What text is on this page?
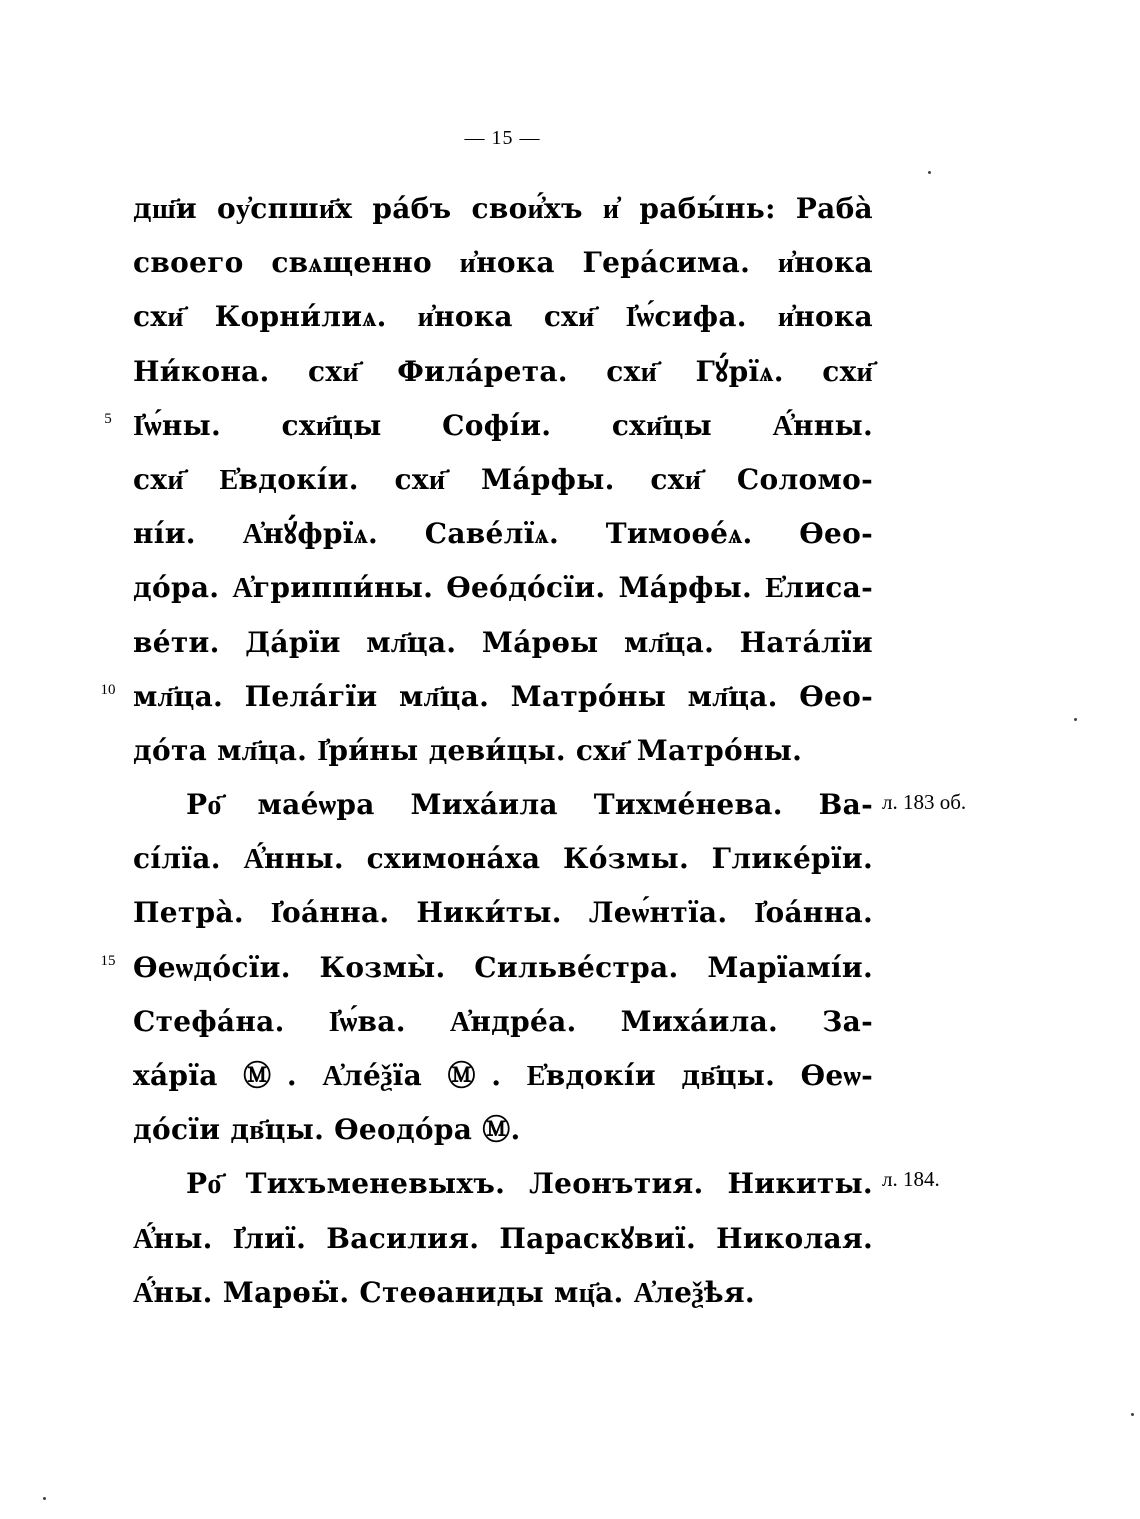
— 15 —
дш҃и оу҆спши҃х ра́бъ свои҆́хъ и҆ рабы́нь: Раба̀
своего свѧщенно и҆нока Гера́сима. и҆нока
схи҃ Корни́лиѧ. и҆нока схи҃ І҆ѡ́сифа. и҆нока
Ни́кона. схи҃ Фила́рета. схи҃ Гꙋ́рїѧ. схи҃
І҆ѡ́ны. схи҃цы Софі́и. схи҃цы А҆́нны.
схи҃ Е҆вдокі́и. схи҃ Ма́рфы. схи҃ Соломо-
ні́и. А҆нꙋ́фрїѧ. Саве́лїѧ. Тимоѳе́ѧ. Ѳео-
до́ра. А҆гриппи́ны. Ѳео́до́сїи. Ма́рфы. Е҆лиса-
ве́ти. Да́рїи мл҃ца. Ма́рѳы мл҃ца. Ната́лїи
мл҃ца. Пела́гїи мл҃ца. Матро́ны мл҃ца. Ѳео-
до́та мл҃ца. І҆ри́ны деви́цы. схи҃ Матро́ны.
Ро҃ мае́ѡра Миха́ила Тихме́нева. Ва-
сі́лїа. А҆́нны. схимона́ха Ко́змы. Глике́рїи.
Петра̀. І҆оа́нна. Ники́ты. Леѡ́нтїа. І҆оа́нна.
Ѳеѡдо́сїи. Козмы̀. Сильве́стра. Марїамі́и.
Стефа́на. І҆ѡ́ва. А҆ндре́а. Миха́ила. За-
ха́рїа Ⓜ. А҆ле́ѯїа Ⓜ. Е҆вдокі́и дв҃цы. Ѳеѡ-
до́сїи дв҃цы. Ѳеодо́ра Ⓜ.
Ро҃ Тихъменевыхъ. Леонътия. Никиты.
А҆́ны. І҆лиї. Василия. Параскꙋвиї. Николая.
А҆́ны. Марѳӹ. Стеѳаниды мц҃а. А҆леѯѣя.
5
10
15
л. 183 об.
л. 184.
